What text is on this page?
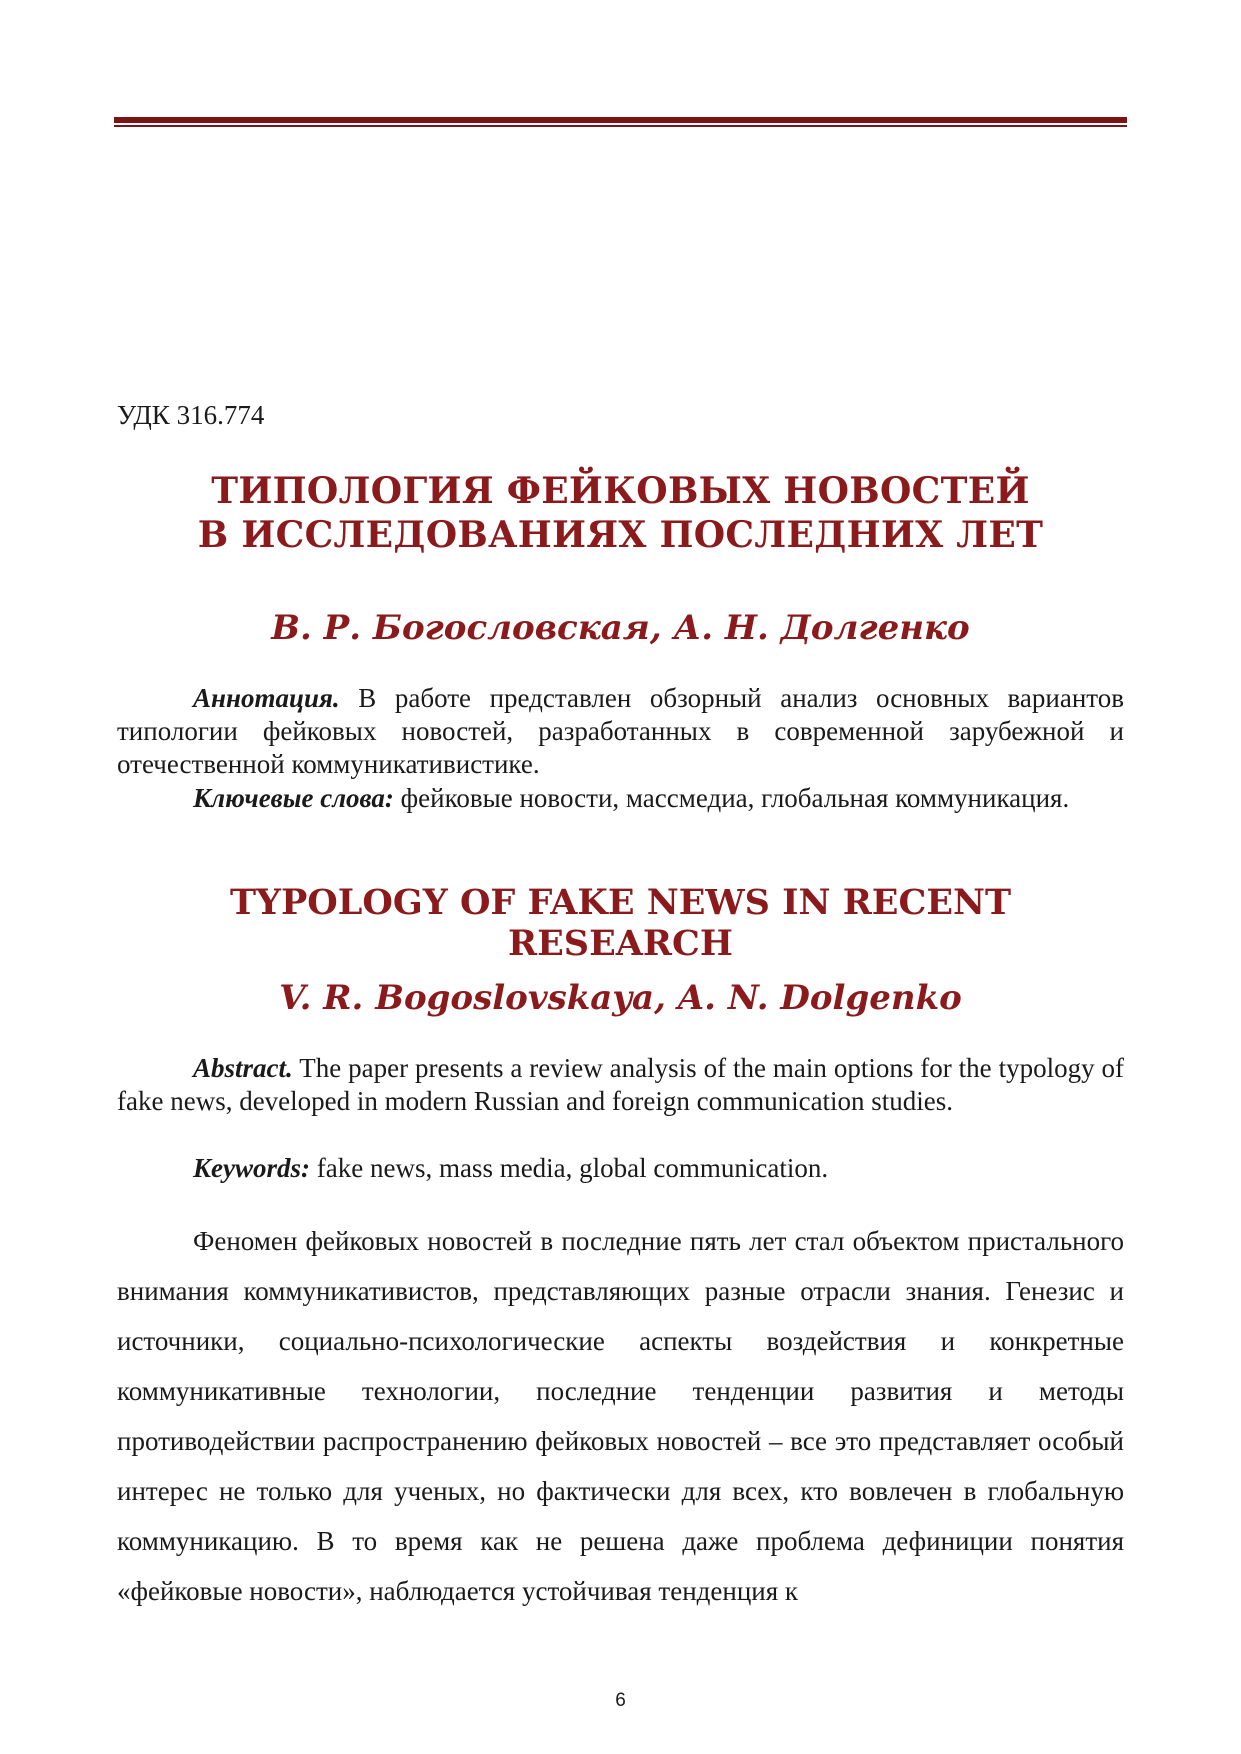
УДК 316.774
ТИПОЛОГИЯ ФЕЙКОВЫХ НОВОСТЕЙ
В ИССЛЕДОВАНИЯХ ПОСЛЕДНИХ ЛЕТ
В. Р. Богословская, А. Н. Долгенко

Аннотация. В работе представлен обзорный анализ основных вариантов типологии фейковых новостей, разработанных в современной зарубежной и отечественной коммуникативистике.

Ключевые слова: фейковые новости, массмедиа, глобальная коммуникация.

TYPOLOGY OF FAKE NEWS IN RECENT RESEARCH
V. R. Bogoslovskaya, A. N. Dolgenko

Abstract. The paper presents a review analysis of the main options for the typology of fake news, developed in modern Russian and foreign communication studies.

Keywords: fake news, mass media, global communication.

Феномен фейковых новостей в последние пять лет стал объектом пристального внимания коммуникативистов, представляющих разные отрасли знания. Генезис и источники, социально-психологические аспекты воздействия и конкретные коммуникативные технологии, последние тенденции развития и методы противодействии распространению фейковых новостей – все это представляет особый интерес не только для ученых, но фактически для всех, кто вовлечен в глобальную коммуникацию. В то время как не решена даже проблема дефиниции понятия «фейковые новости», наблюдается устойчивая тенденция к

6
